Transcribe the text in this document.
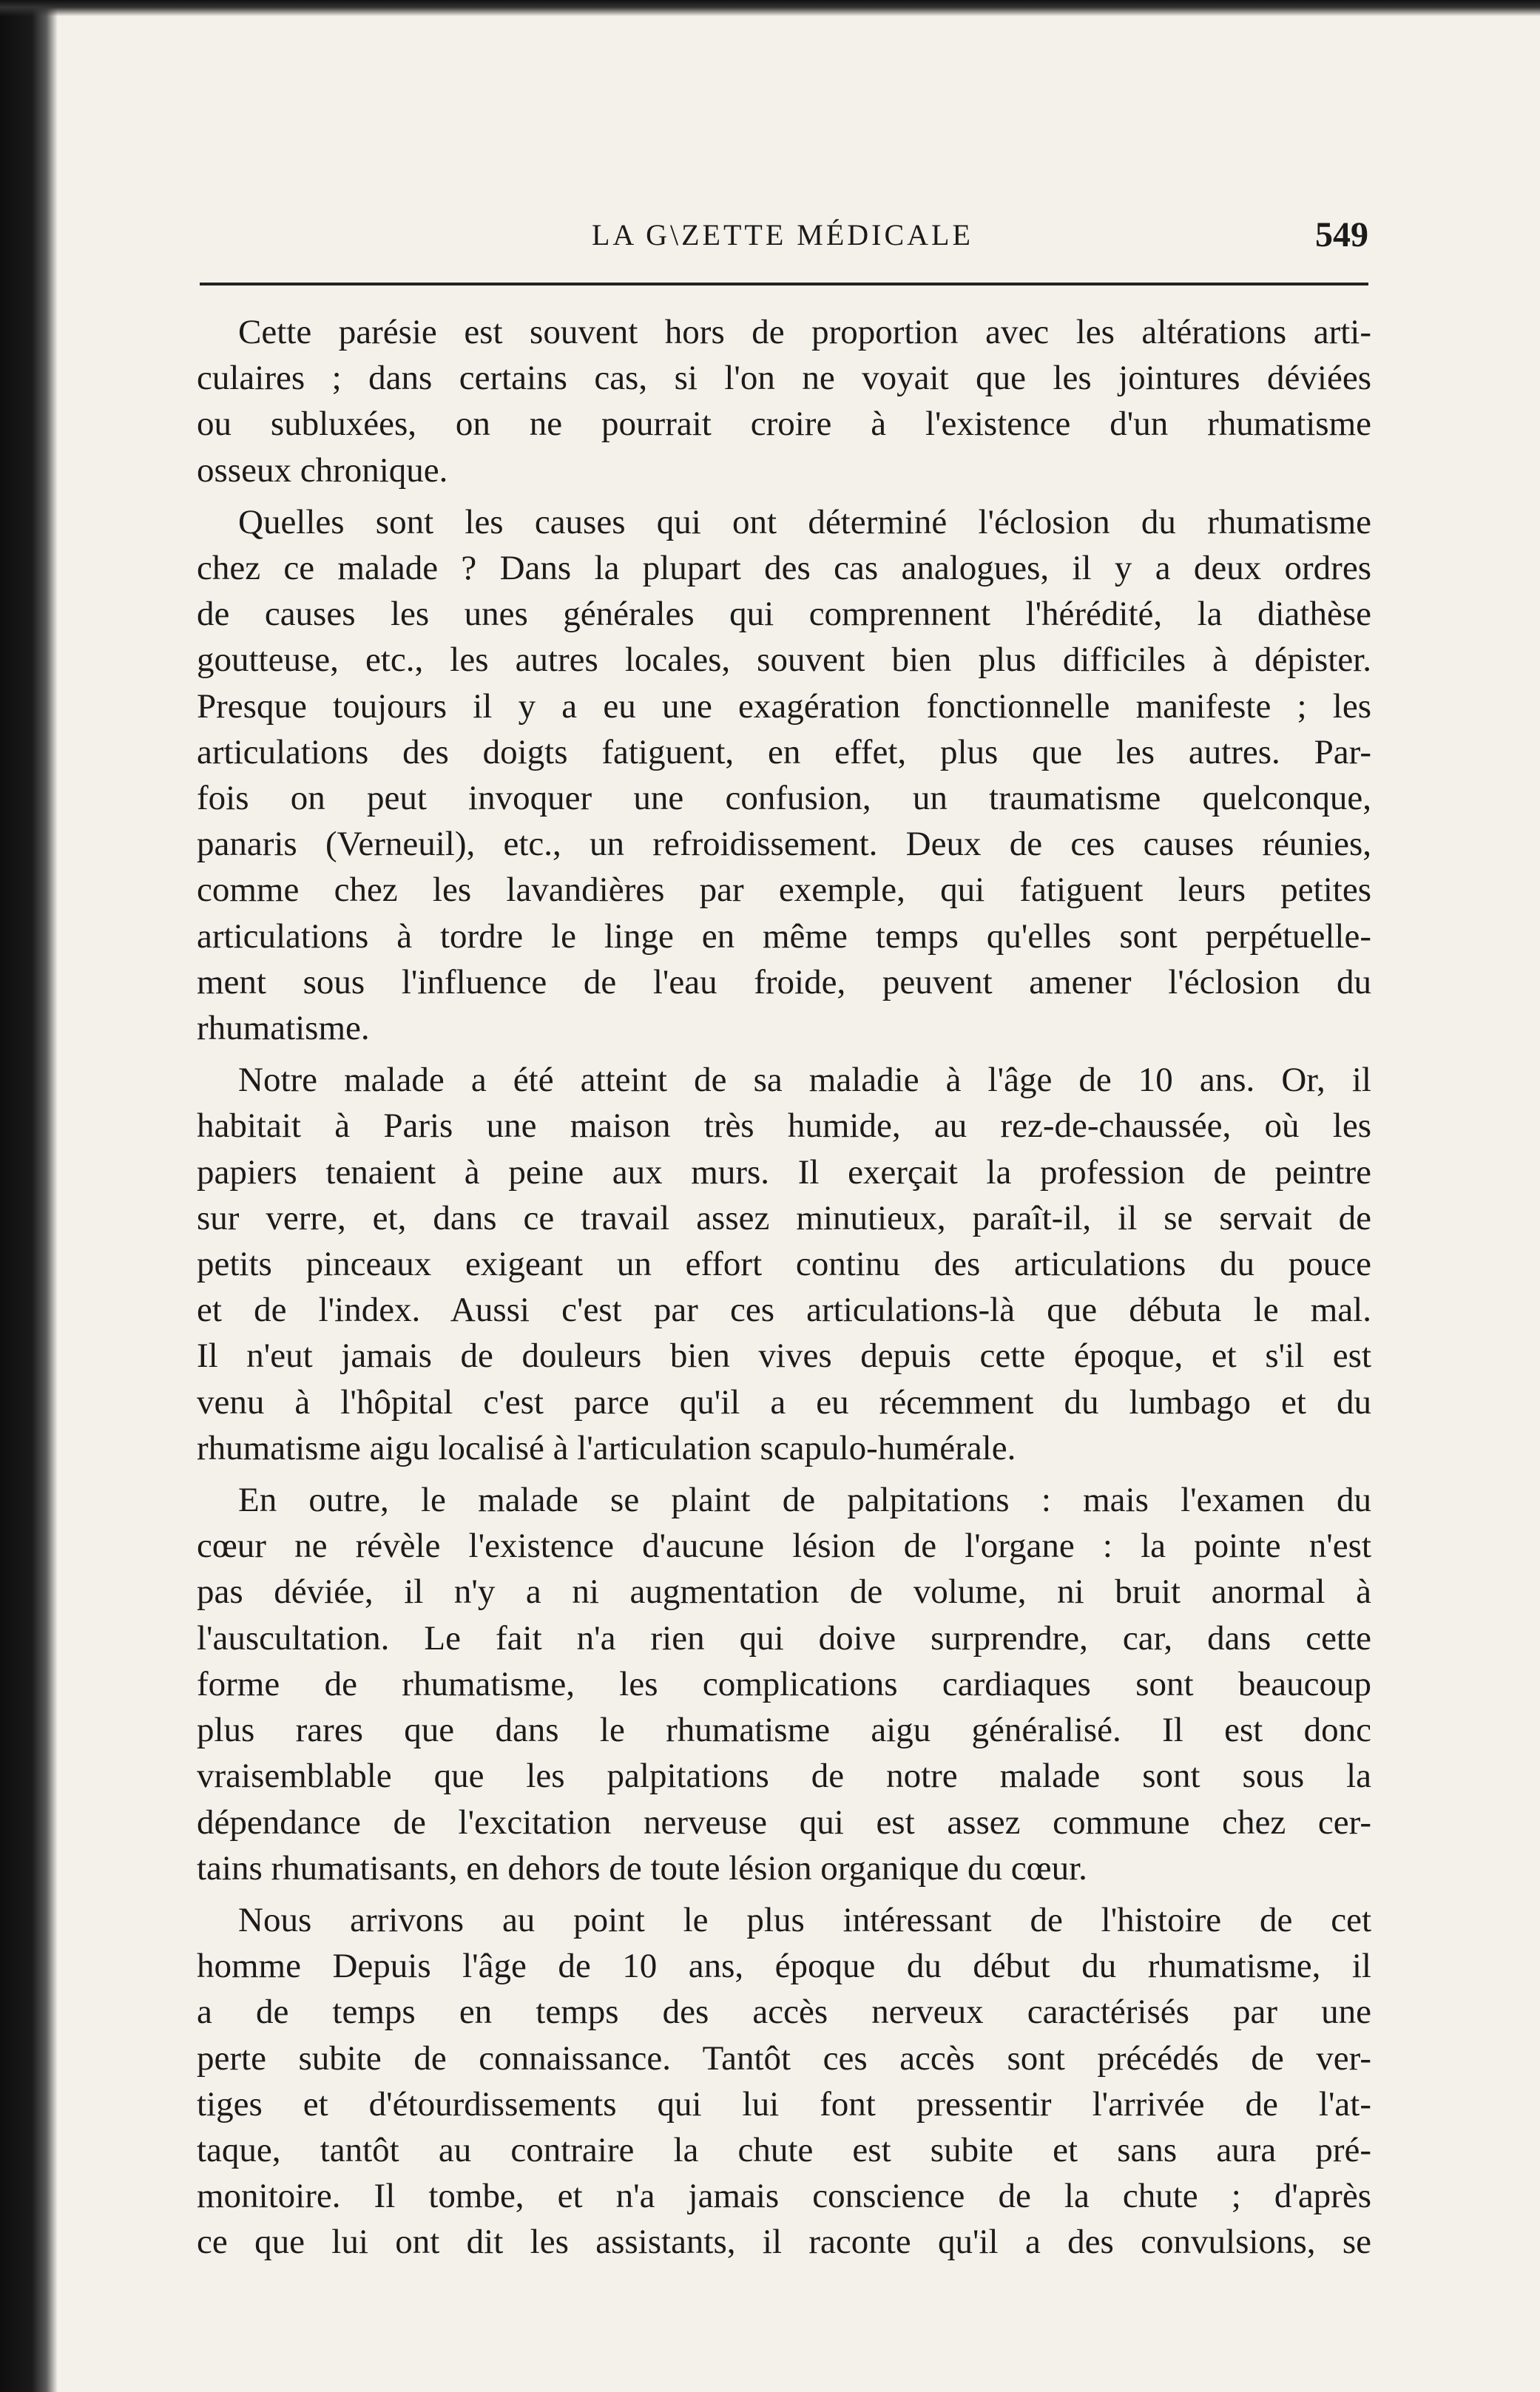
LA G\ZETTE MÉDICALE	549

Cette parésie est souvent hors de proportion avec les altérations arti-
culaires ; dans certains cas, si l'on ne voyait que les jointures déviées
ou subluxées, on ne pourrait croire à l'existence d'un rhumatisme
osseux chronique.

Quelles sont les causes qui ont déterminé l'éclosion du rhumatisme
chez ce malade ? Dans la plupart des cas analogues, il y a deux ordres
de causes les unes générales qui comprennent l'hérédité, la diathèse
goutteuse, etc., les autres locales, souvent bien plus difficiles à dépister.
Presque toujours il y a eu une exagération fonctionnelle manifeste ; les
articulations des doigts fatiguent, en effet, plus que les autres. Par-
fois on peut invoquer une confusion, un traumatisme quelconque,
panaris (Verneuil), etc., un refroidissement. Deux de ces causes réunies,
comme chez les lavandières par exemple, qui fatiguent leurs petites
articulations à tordre le linge en même temps qu'elles sont perpétuelle-
ment sous l'influence de l'eau froide, peuvent amener l'éclosion du
rhumatisme.

Notre malade a été atteint de sa maladie à l'âge de 10 ans. Or, il
habitait à Paris une maison très humide, au rez-de-chaussée, où les
papiers tenaient à peine aux murs. Il exerçait la profession de peintre
sur verre, et, dans ce travail assez minutieux, paraît-il, il se servait de
petits pinceaux exigeant un effort continu des articulations du pouce
et de l'index. Aussi c'est par ces articulations-là que débuta le mal.
Il n'eut jamais de douleurs bien vives depuis cette époque, et s'il est
venu à l'hôpital c'est parce qu'il a eu récemment du lumbago et du
rhumatisme aigu localisé à l'articulation scapulo-humérale.

En outre, le malade se plaint de palpitations : mais l'examen du
cœur ne révèle l'existence d'aucune lésion de l'organe : la pointe n'est
pas déviée, il n'y a ni augmentation de volume, ni bruit anormal à
l'auscultation. Le fait n'a rien qui doive surprendre, car, dans cette
forme de rhumatisme, les complications cardiaques sont beaucoup
plus rares que dans le rhumatisme aigu généralisé. Il est donc
vraisemblable que les palpitations de notre malade sont sous la
dépendance de l'excitation nerveuse qui est assez commune chez cer-
tains rhumatisants, en dehors de toute lésion organique du cœur.

Nous arrivons au point le plus intéressant de l'histoire de cet
homme Depuis l'âge de 10 ans, époque du début du rhumatisme, il
a de temps en temps des accès nerveux caractérisés par une
perte subite de connaissance. Tantôt ces accès sont précédés de ver-
tiges et d'étourdissements qui lui font pressentir l'arrivée de l'at-
taque, tantôt au contraire la chute est subite et sans aura pré-
monitoire. Il tombe, et n'a jamais conscience de la chute ; d'après
ce que lui ont dit les assistants, il raconte qu'il a des convulsions, se
